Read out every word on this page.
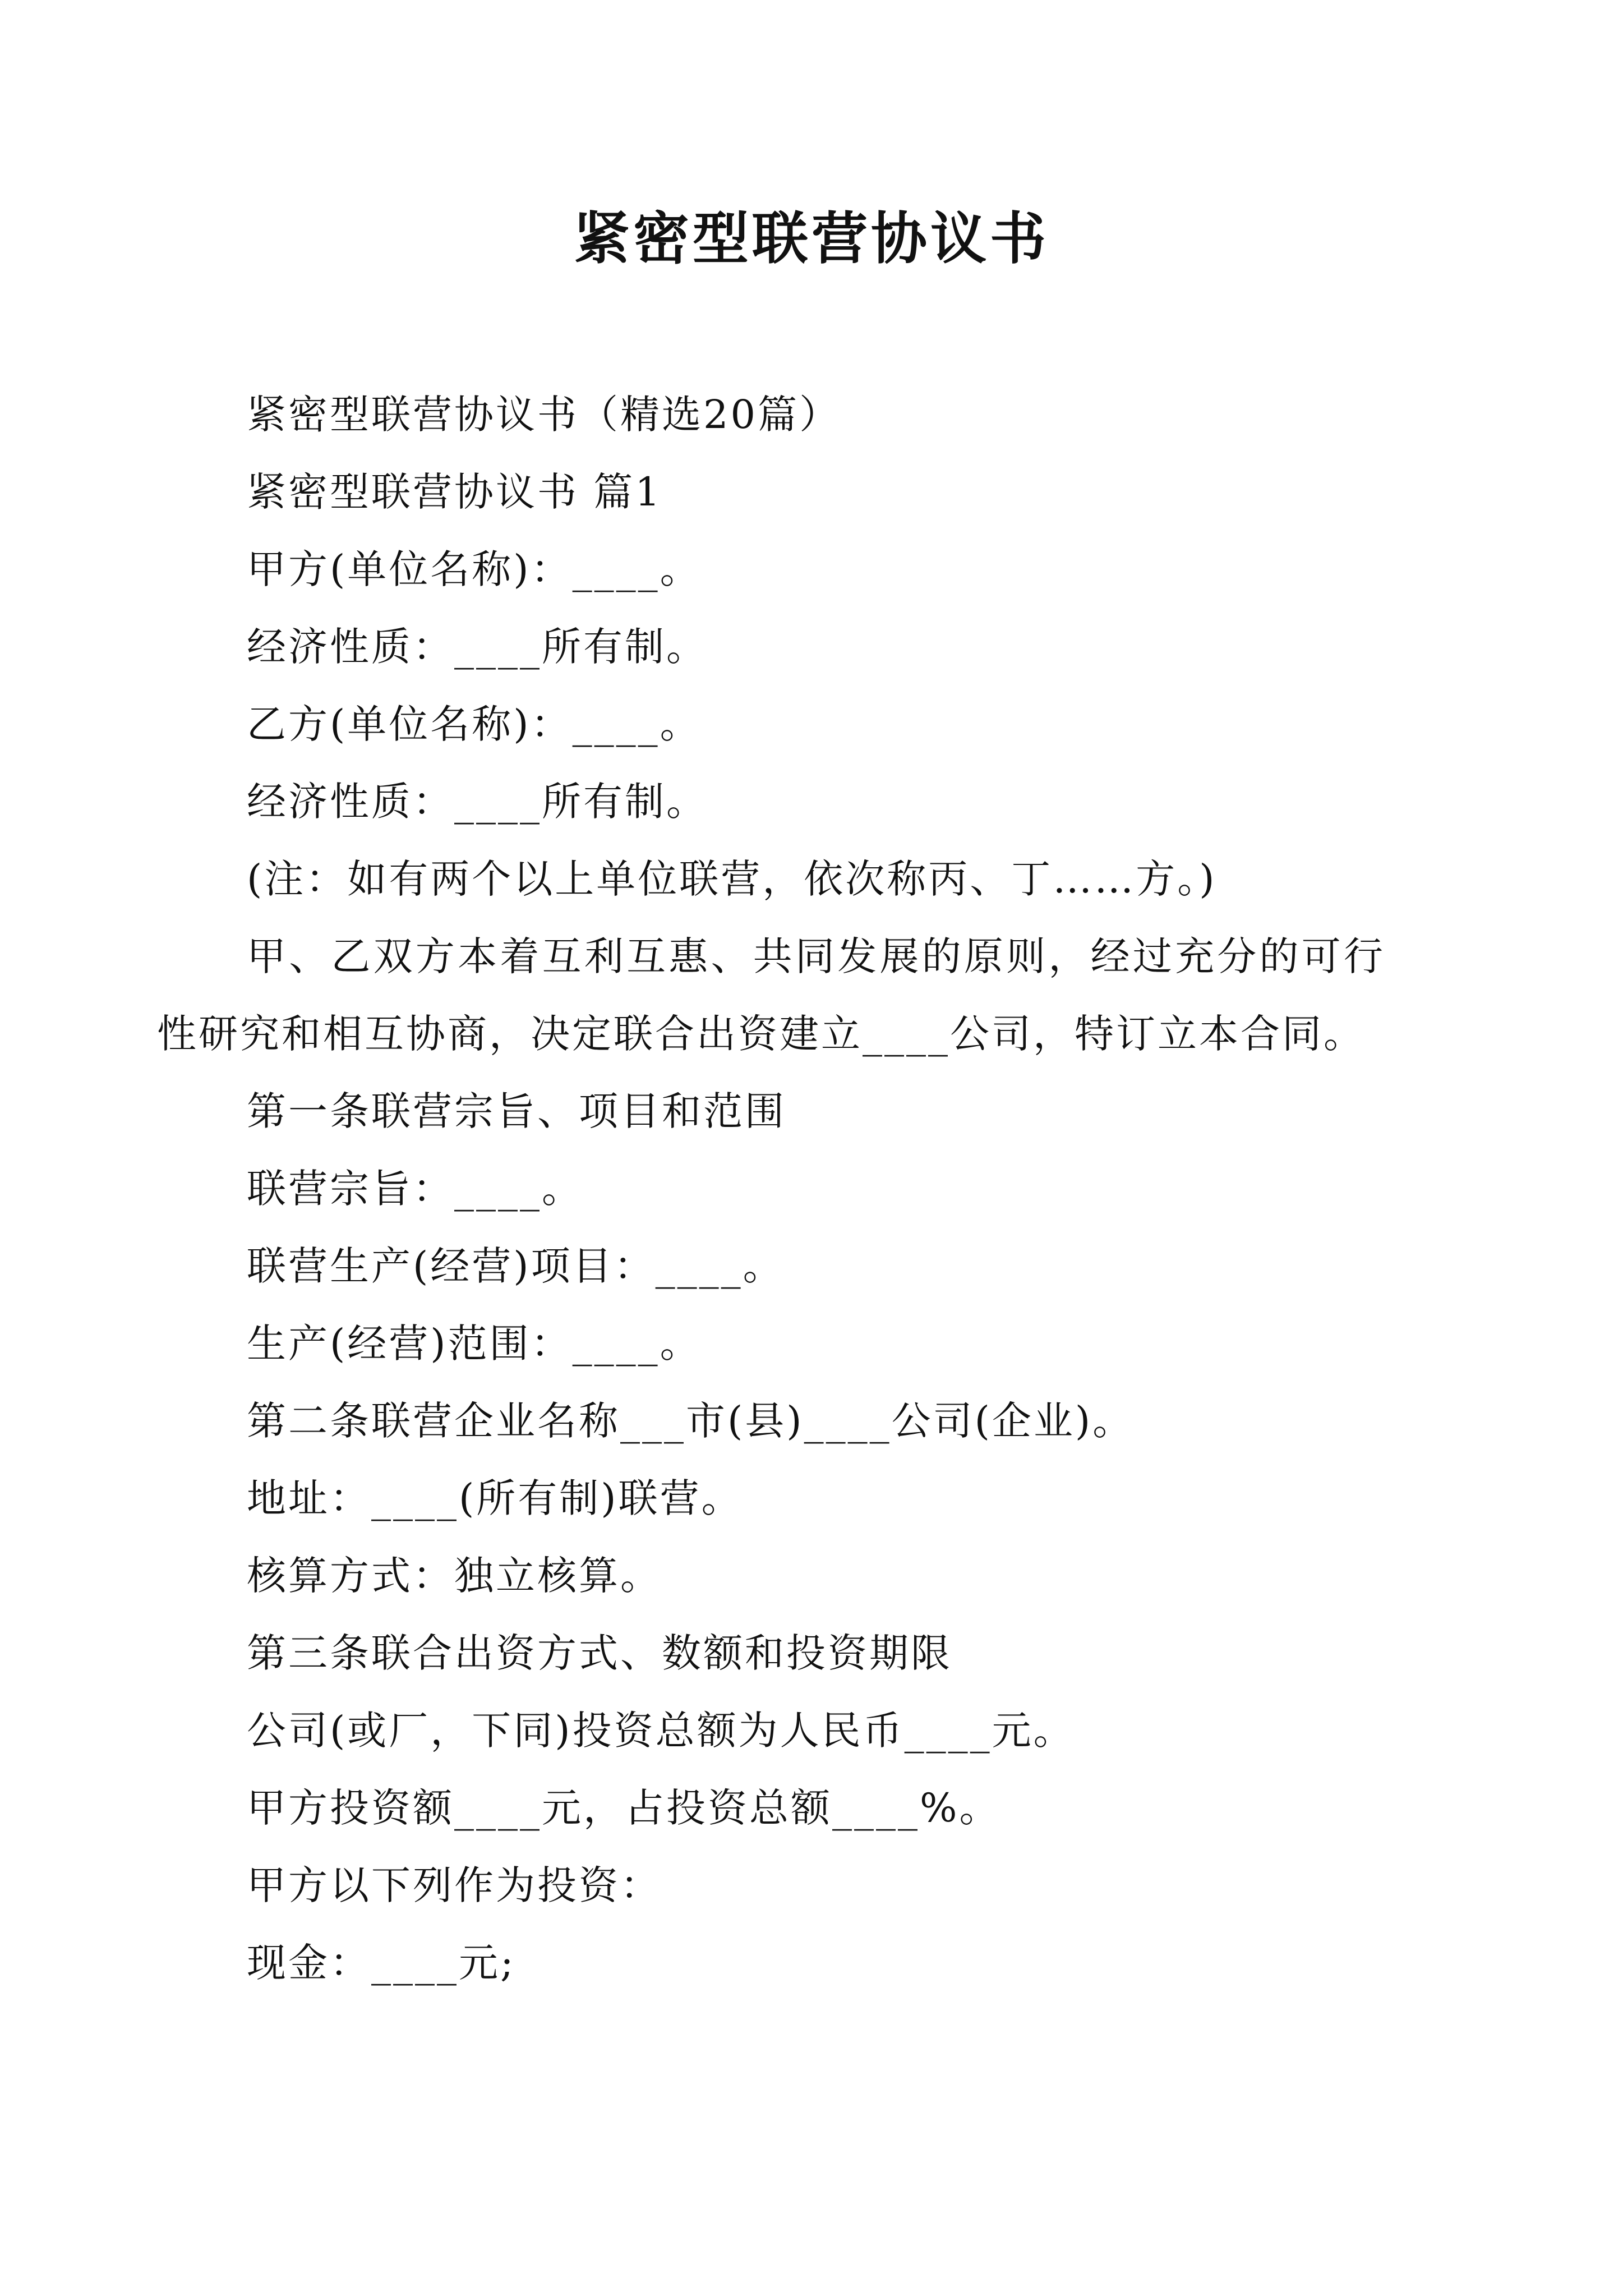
紧密型联营协议书

紧密型联营协议书（精选20篇）

紧密型联营协议书 篇1

甲方(单位名称)：____。

经济性质：____所有制。

乙方(单位名称)：____。

经济性质：____所有制。

(注：如有两个以上单位联营，依次称丙、丁……方。)

甲、乙双方本着互利互惠、共同发展的原则，经过充分的可行性研究和相互协商，决定联合出资建立____公司，特订立本合同。

第一条联营宗旨、项目和范围

联营宗旨：____。

联营生产(经营)项目：____。

生产(经营)范围：____。

第二条联营企业名称___市(县)____公司(企业)。

地址：____(所有制)联营。

核算方式：独立核算。

第三条联合出资方式、数额和投资期限

公司(或厂，下同)投资总额为人民币____元。

甲方投资额____元，占投资总额____%。

甲方以下列作为投资：

现金：____元;
